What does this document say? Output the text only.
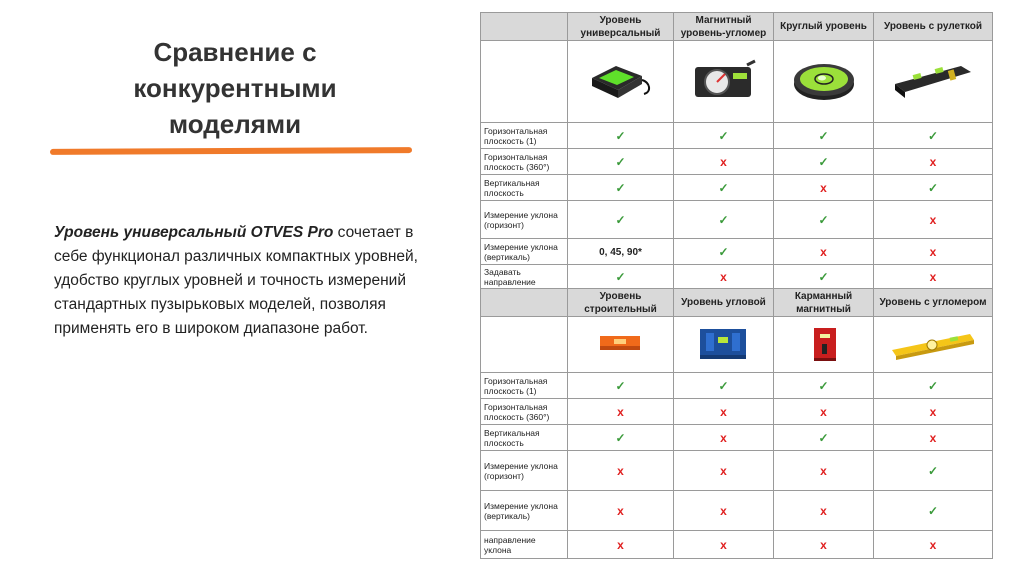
Сравнение с
конкурентными
моделями
Уровень универсальный OTVES Pro сочетает в себе функционал различных компактных уровней, удобство круглых уровней и точность измерений стандартных пузырьковых моделей, позволяя применять его в широком диапазоне работ.
	Уровень универсальный	Магнитный уровень-угломер	Круглый уровень	Уровень с рулеткой

Горизонтальная плоскость (1)	✓	✓	✓	✓
Горизонтальная плоскость (360°)	✓	х	✓	х
Вертикальная плоскость	✓	✓	х	✓
Измерение уклона (горизонт)	✓	✓	✓	х
Измерение уклона (вертикаль)	0, 45, 90*	✓	х	х
Задавать направление	✓	х	✓	х
	Уровень строительный	Уровень угловой	Карманный магнитный	Уровень с угломером

Горизонтальная плоскость (1)	✓	✓	✓	✓
Горизонтальная плоскость (360°)	х	х	х	х
Вертикальная плоскость	✓	х	✓	х
Измерение уклона (горизонт)	х	х	х	✓
Измерение уклона (вертикаль)	х	х	х	✓
направление уклона	х	х	х	х
